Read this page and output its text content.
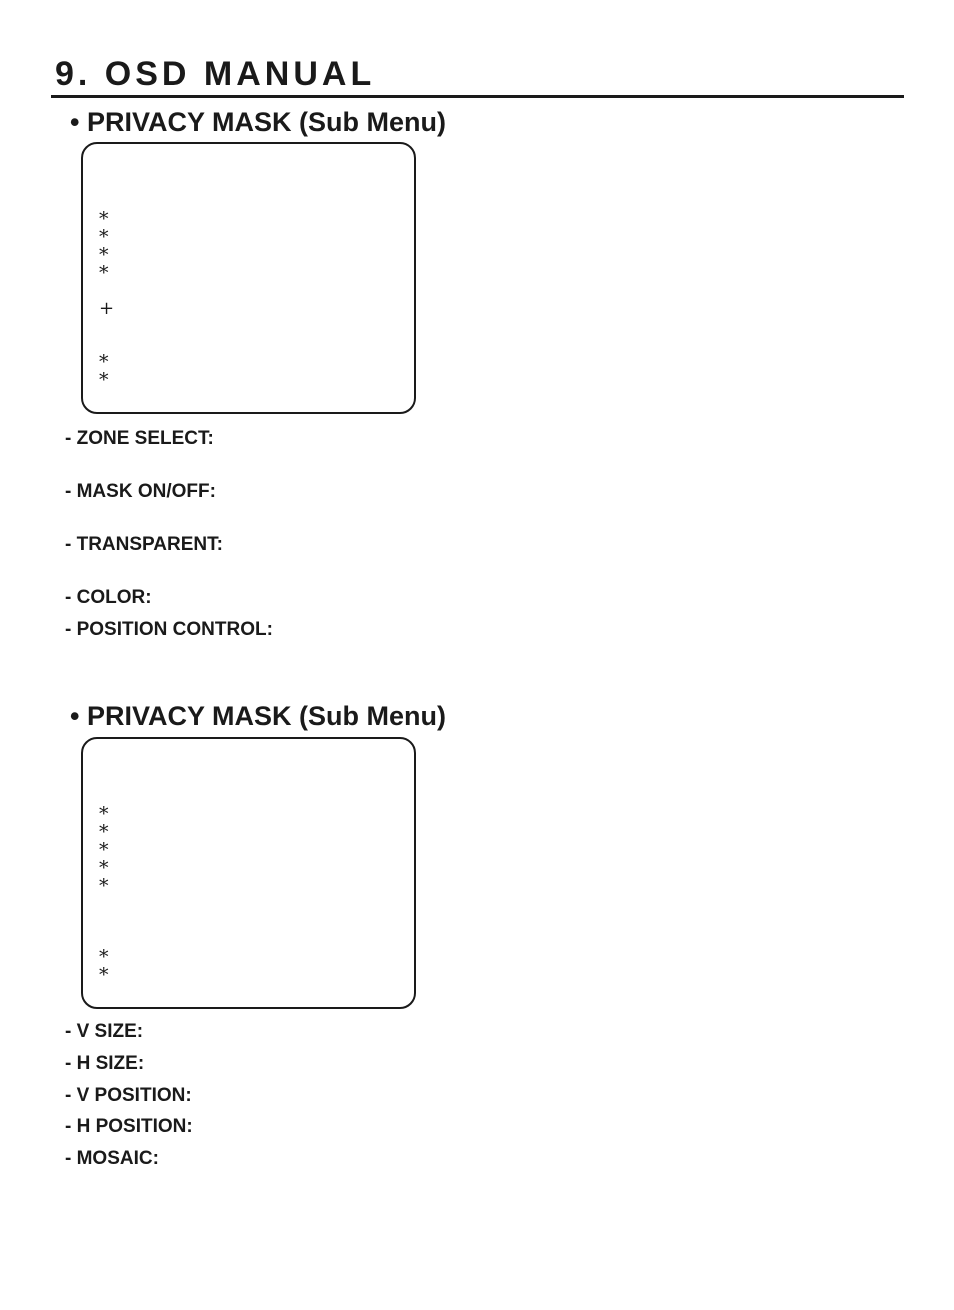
9. OSD MANUAL
• PRIVACY MASK (Sub Menu)
*
*
*
*
+
*
*
- ZONE SELECT:
- MASK ON/OFF:
- TRANSPARENT:
- COLOR:
- POSITION CONTROL:
• PRIVACY MASK (Sub Menu)
*
*
*
*
*
*
*
- V SIZE:
- H SIZE:
- V POSITION:
- H POSITION:
- MOSAIC:
